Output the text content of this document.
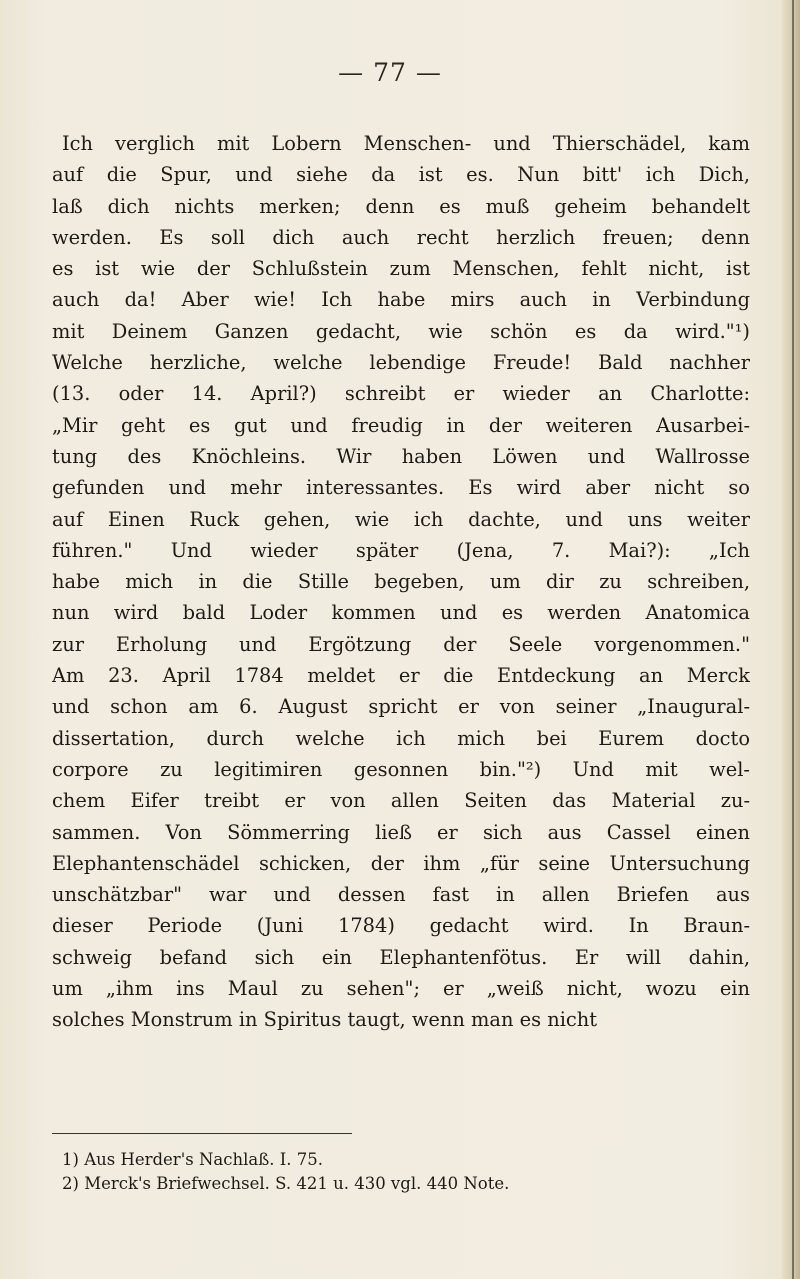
— 77 —
Ich verglich mit Lobern Menschen- und Thierschädel, kam
auf die Spur, und siehe da ist es. Nun bitt' ich Dich,
laß dich nichts merken; denn es muß geheim behandelt
werden. Es soll dich auch recht herzlich freuen; denn
es ist wie der Schlußstein zum Menschen, fehlt nicht, ist
auch da! Aber wie! Ich habe mirs auch in Verbindung
mit Deinem Ganzen gedacht, wie schön es da wird."¹)
Welche herzliche, welche lebendige Freude! Bald nachher
(13. oder 14. April?) schreibt er wieder an Charlotte:
„Mir geht es gut und freudig in der weiteren Ausarbei-
tung des Knöchleins. Wir haben Löwen und Wallrosse
gefunden und mehr interessantes. Es wird aber nicht so
auf Einen Ruck gehen, wie ich dachte, und uns weiter
führen." Und wieder später (Jena, 7. Mai?): „Ich
habe mich in die Stille begeben, um dir zu schreiben,
nun wird bald Loder kommen und es werden Anatomica
zur Erholung und Ergötzung der Seele vorgenommen."
Am 23. April 1784 meldet er die Entdeckung an Merck
und schon am 6. August spricht er von seiner „Inaugural-
dissertation, durch welche ich mich bei Eurem docto
corpore zu legitimiren gesonnen bin."²) Und mit wel-
chem Eifer treibt er von allen Seiten das Material zu-
sammen. Von Sömmerring ließ er sich aus Cassel einen
Elephantenschädel schicken, der ihm „für seine Untersuchung
unschätzbar" war und dessen fast in allen Briefen aus
dieser Periode (Juni 1784) gedacht wird. In Braun-
schweig befand sich ein Elephantenfötus. Er will dahin,
um „ihm ins Maul zu sehen"; er „weiß nicht, wozu ein
solches Monstrum in Spiritus taugt, wenn man es nicht
1) Aus Herder's Nachlaß. I. 75.
2) Merck's Briefwechsel. S. 421 u. 430 vgl. 440 Note.
